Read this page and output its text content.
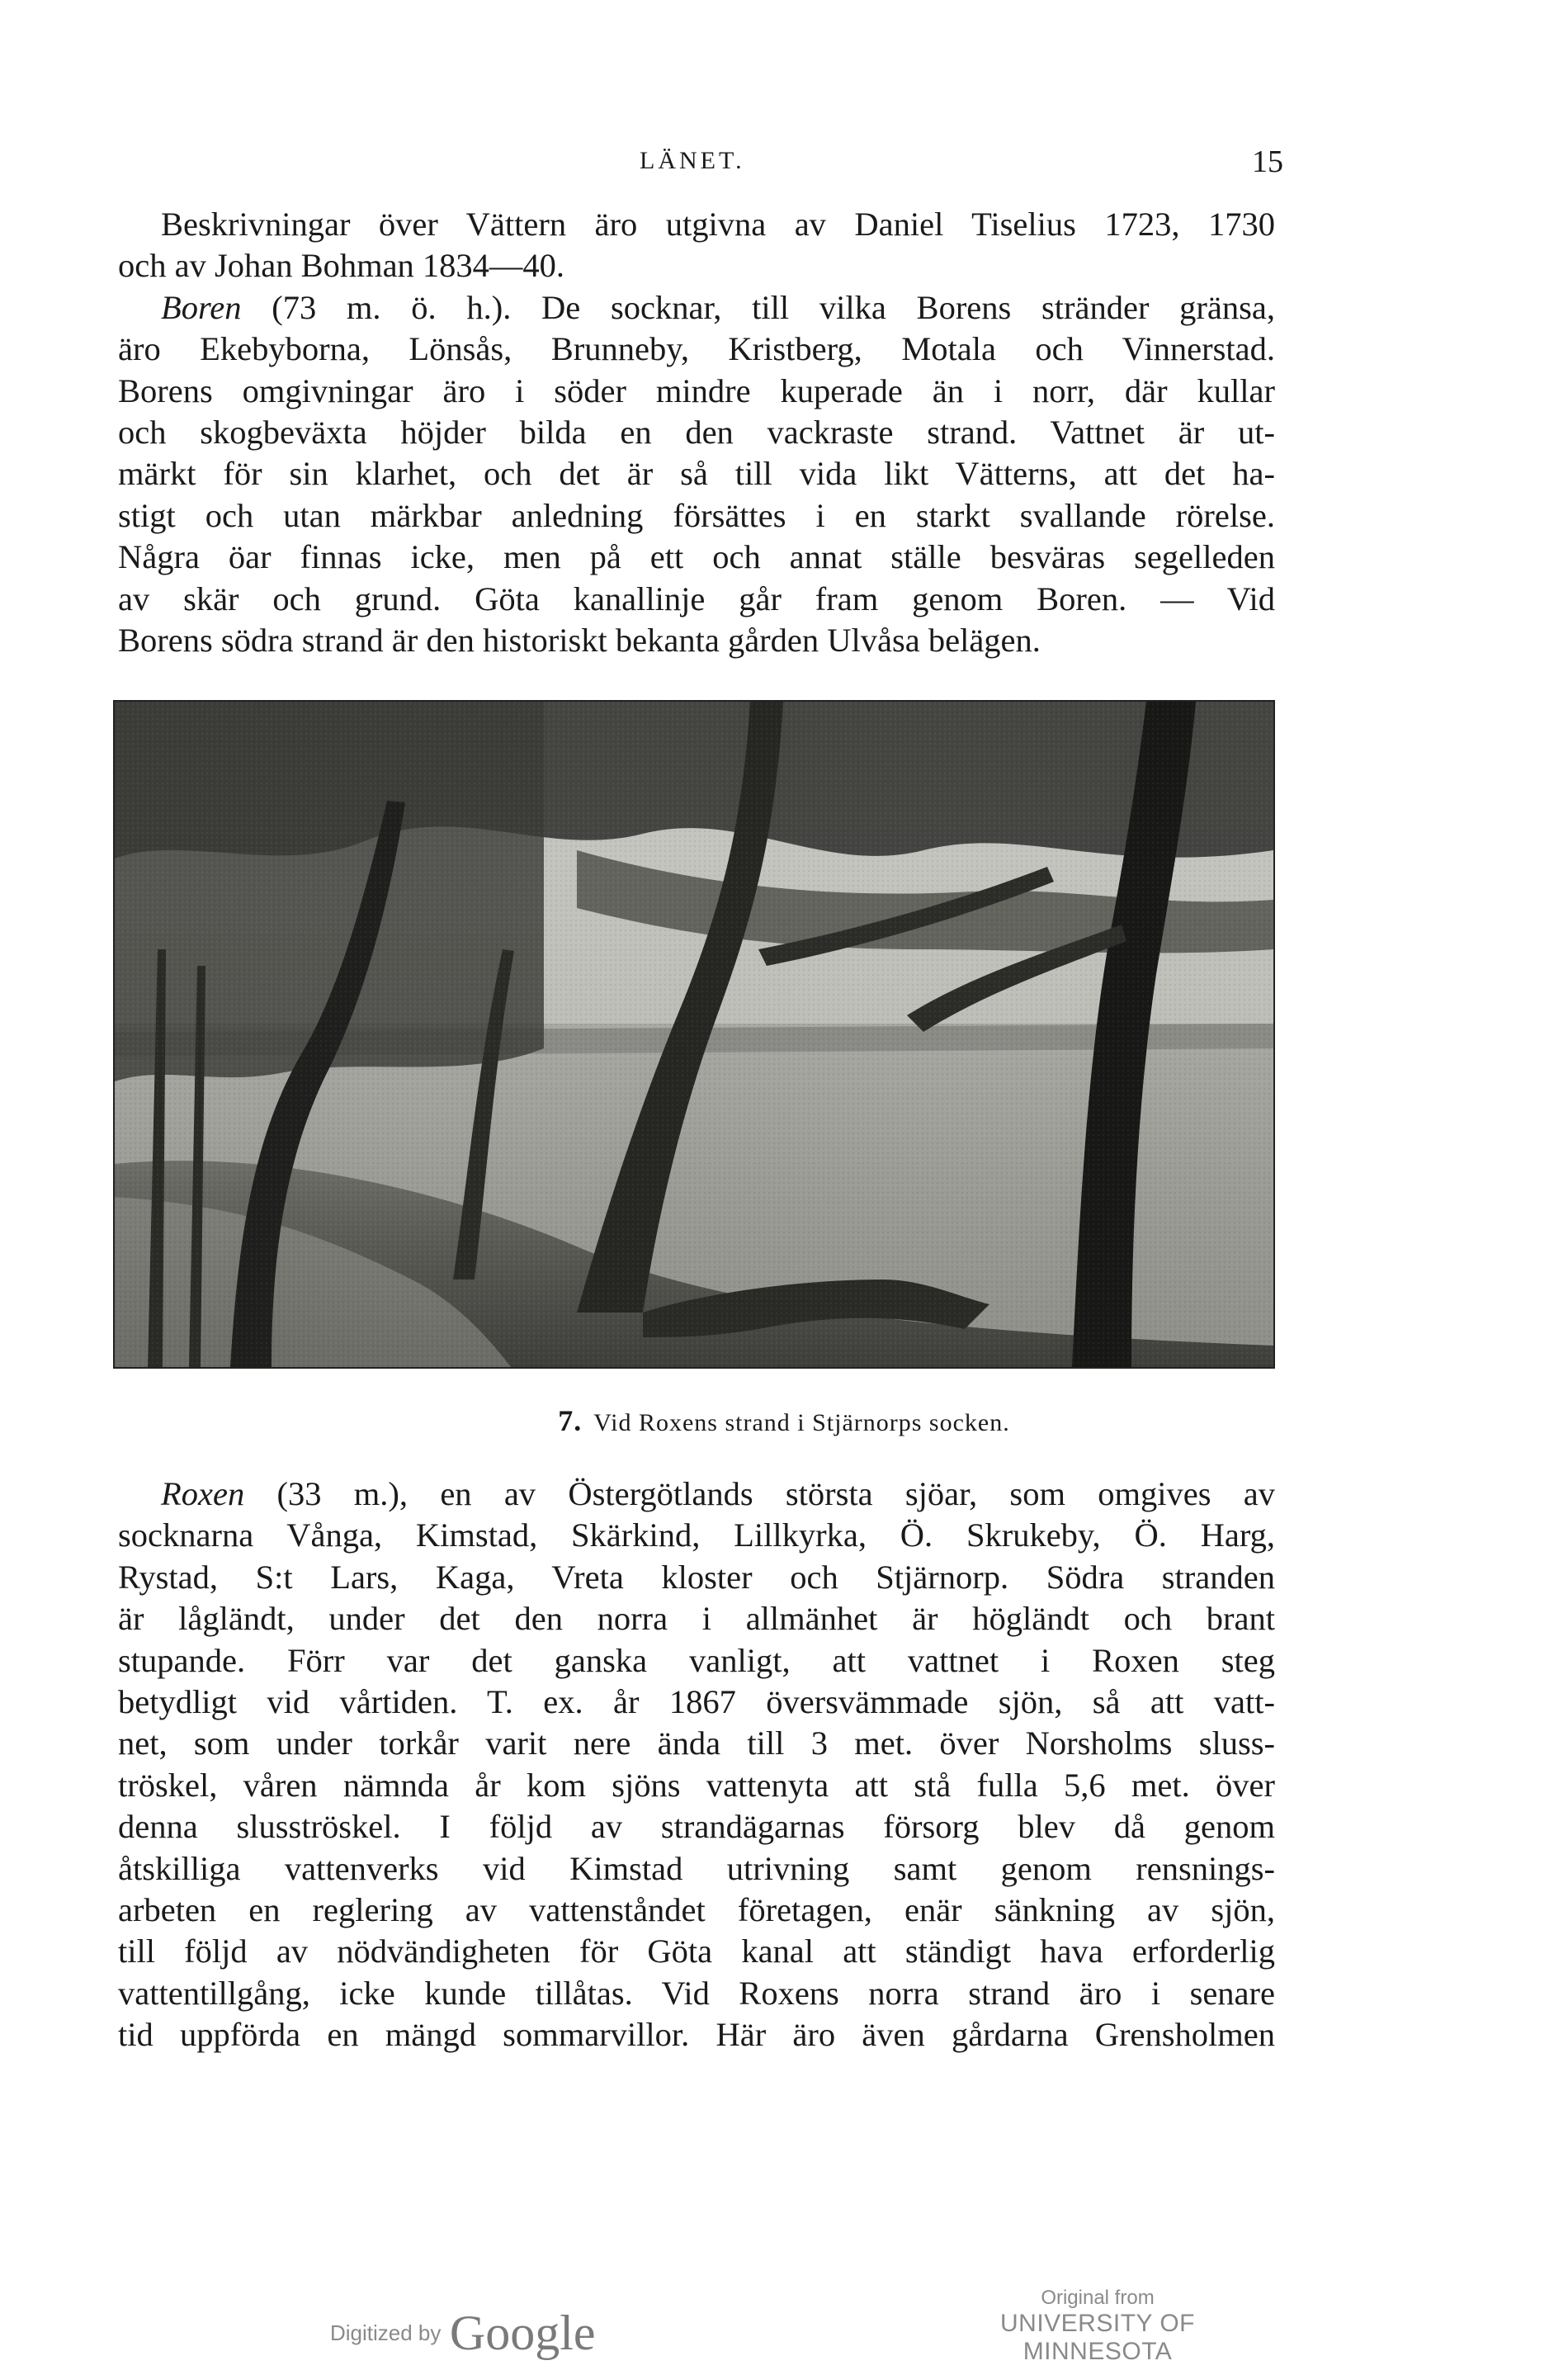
LÄNET.	15
Beskrivningar över Vättern äro utgivna av Daniel Tiselius 1723, 1730
och av Johan Bohman 1834—40.
Boren (73 m. ö. h.). De socknar, till vilka Borens stränder gränsa,
äro Ekebyborna, Lönsås, Brunneby, Kristberg, Motala och Vinnerstad.
Borens omgivningar äro i söder mindre kuperade än i norr, där kullar
och skogbeväxta höjder bilda en den vackraste strand. Vattnet är ut-
märkt för sin klarhet, och det är så till vida likt Vätterns, att det ha-
stigt och utan märkbar anledning försättes i en starkt svallande rörelse.
Några öar finnas icke, men på ett och annat ställe besväras segelleden
av skär och grund. Göta kanallinje går fram genom Boren. — Vid
Borens södra strand är den historiskt bekanta gården Ulvåsa belägen.
7. Vid Roxens strand i Stjärnorps socken.
Roxen (33 m.), en av Östergötlands största sjöar, som omgives av
socknarna Vånga, Kimstad, Skärkind, Lillkyrka, Ö. Skrukeby, Ö. Harg,
Rystad, S:t Lars, Kaga, Vreta kloster och Stjärnorp. Södra stranden
är lågländt, under det den norra i allmänhet är högländt och brant
stupande. Förr var det ganska vanligt, att vattnet i Roxen steg
betydligt vid vårtiden. T. ex. år 1867 översvämmade sjön, så att vatt-
net, som under torkår varit nere ända till 3 met. över Norsholms sluss-
tröskel, våren nämnda år kom sjöns vattenyta att stå fulla 5,6 met. över
denna slusströskel. I följd av strandägarnas försorg blev då genom
åtskilliga vattenverks vid Kimstad utrivning samt genom rensnings-
arbeten en reglering av vattenståndet företagen, enär sänkning av sjön,
till följd av nödvändigheten för Göta kanal att ständigt hava erforderlig
vattentillgång, icke kunde tillåtas. Vid Roxens norra strand äro i senare
tid uppförda en mängd sommarvillor. Här äro även gårdarna Grensholmen
Digitized by Google
Original from
UNIVERSITY OF MINNESOTA
